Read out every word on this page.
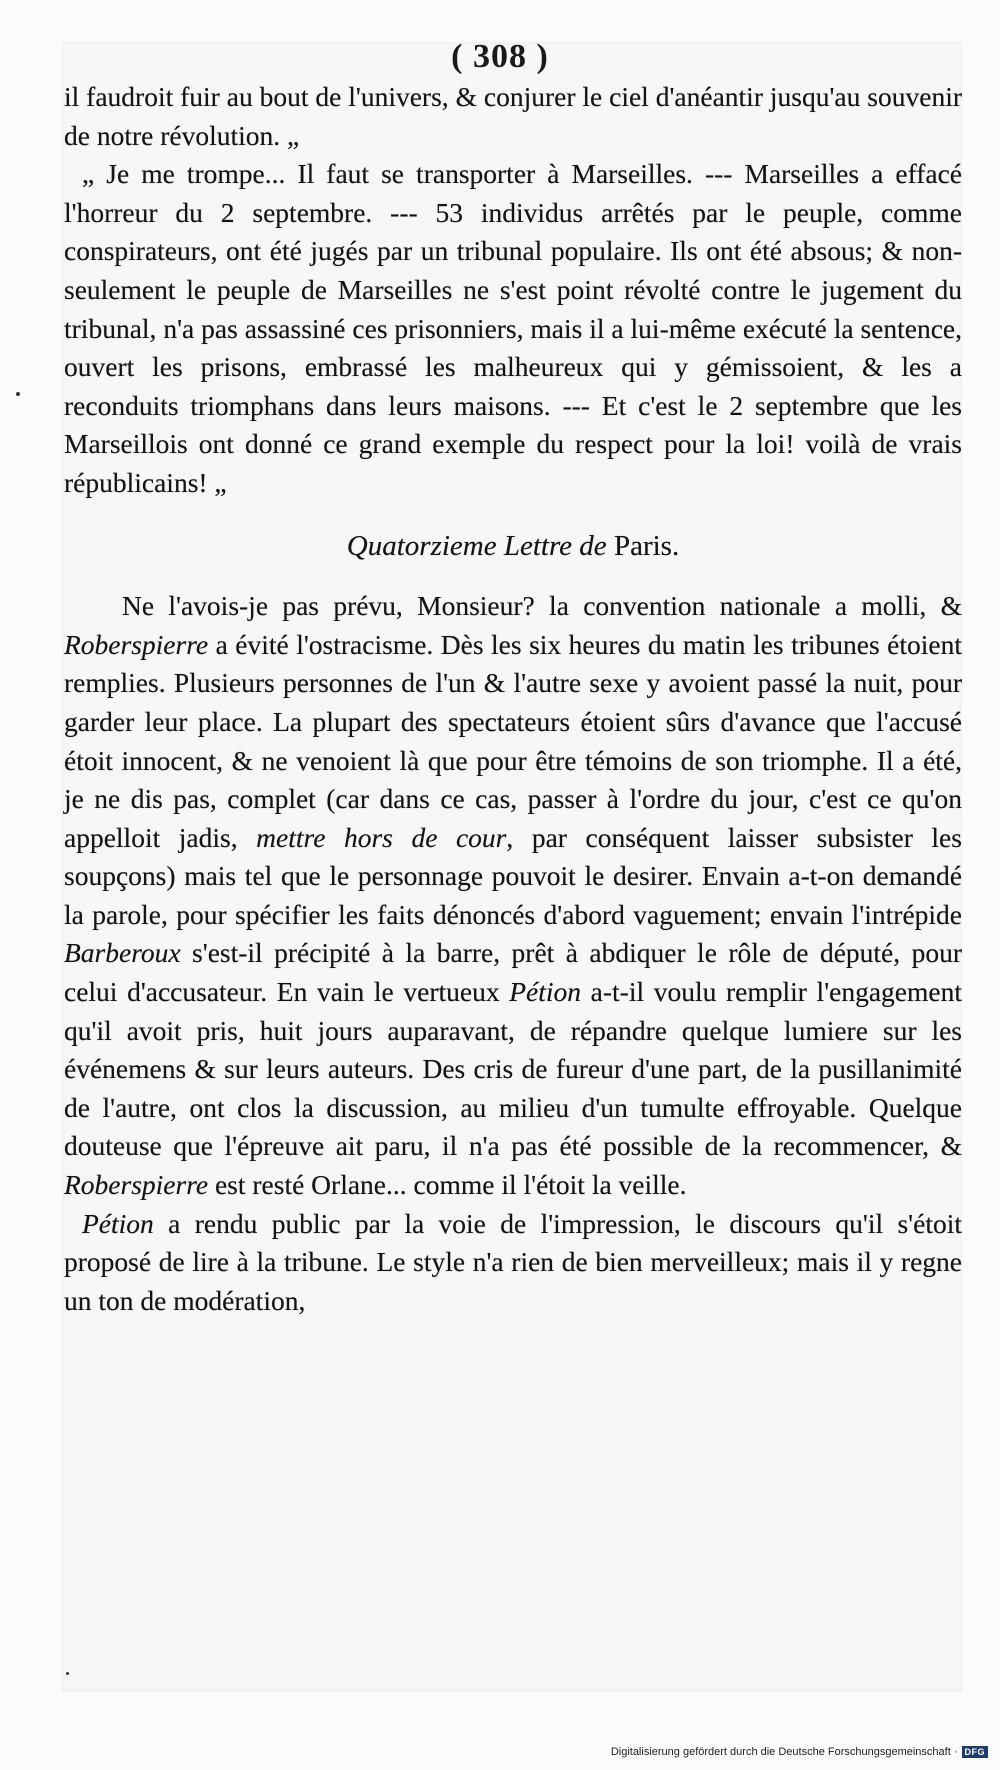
( 308 )

il faudroit fuir au bout de l'univers, & conjurer le ciel d'anéantir jusqu'au souvenir de notre révolution. „

„ Je me trompe... Il faut se transporter à Marseilles. --- Marseilles a effacé l'horreur du 2 septembre. --- 53 individus arrêtés par le peuple, comme conspirateurs, ont été jugés par un tribunal populaire. Ils ont été absous; & non-seulement le peuple de Marseilles ne s'est point révolté contre le jugement du tribunal, n'a pas assassiné ces prisonniers, mais il a lui-même exécuté la sentence, ouvert les prisons, embrassé les malheureux qui y gémissoient, & les a reconduits triomphans dans leurs maisons. --- Et c'est le 2 septembre que les Marseillois ont donné ce grand exemple du respect pour la loi! voilà de vrais républicains! „

Quatorzieme Lettre de Paris.

Ne l'avois-je pas prévu, Monsieur? la convention nationale a molli, & Roberspierre a évité l'ostracisme. Dès les six heures du matin les tribunes étoient remplies. Plusieurs personnes de l'un & l'autre sexe y avoient passé la nuit, pour garder leur place. La plupart des spectateurs étoient sûrs d'avance que l'accusé étoit innocent, & ne venoient là que pour être témoins de son triomphe. Il a été, je ne dis pas, complet (car dans ce cas, passer à l'ordre du jour, c'est ce qu'on appelloit jadis, mettre hors de cour, par conséquent laisser subsister les soupçons) mais tel que le personnage pouvoit le desirer. Envain a-t-on demandé la parole, pour spécifier les faits dénoncés d'abord vaguement; envain l'intrépide Barberoux s'est-il précipité à la barre, prêt à abdiquer le rôle de député, pour celui d'accusateur. En vain le vertueux Pétion a-t-il voulu remplir l'engagement qu'il avoit pris, huit jours auparavant, de répandre quelque lumiere sur les événemens & sur leurs auteurs. Des cris de fureur d'une part, de la pusillanimité de l'autre, ont clos la discussion, au milieu d'un tumulte effroyable. Quelque douteuse que l'épreuve ait paru, il n'a pas été possible de la recommencer, & Roberspierre est resté Orlane... comme il l'étoit la veille.

Pétion a rendu public par la voie de l'impression, le discours qu'il s'étoit proposé de lire à la tribune. Le style n'a rien de bien merveilleux; mais il y regne un ton de modération,

Digitalisierung gefördert durch die Deutsche Forschungsgemeinschaft · DFG
